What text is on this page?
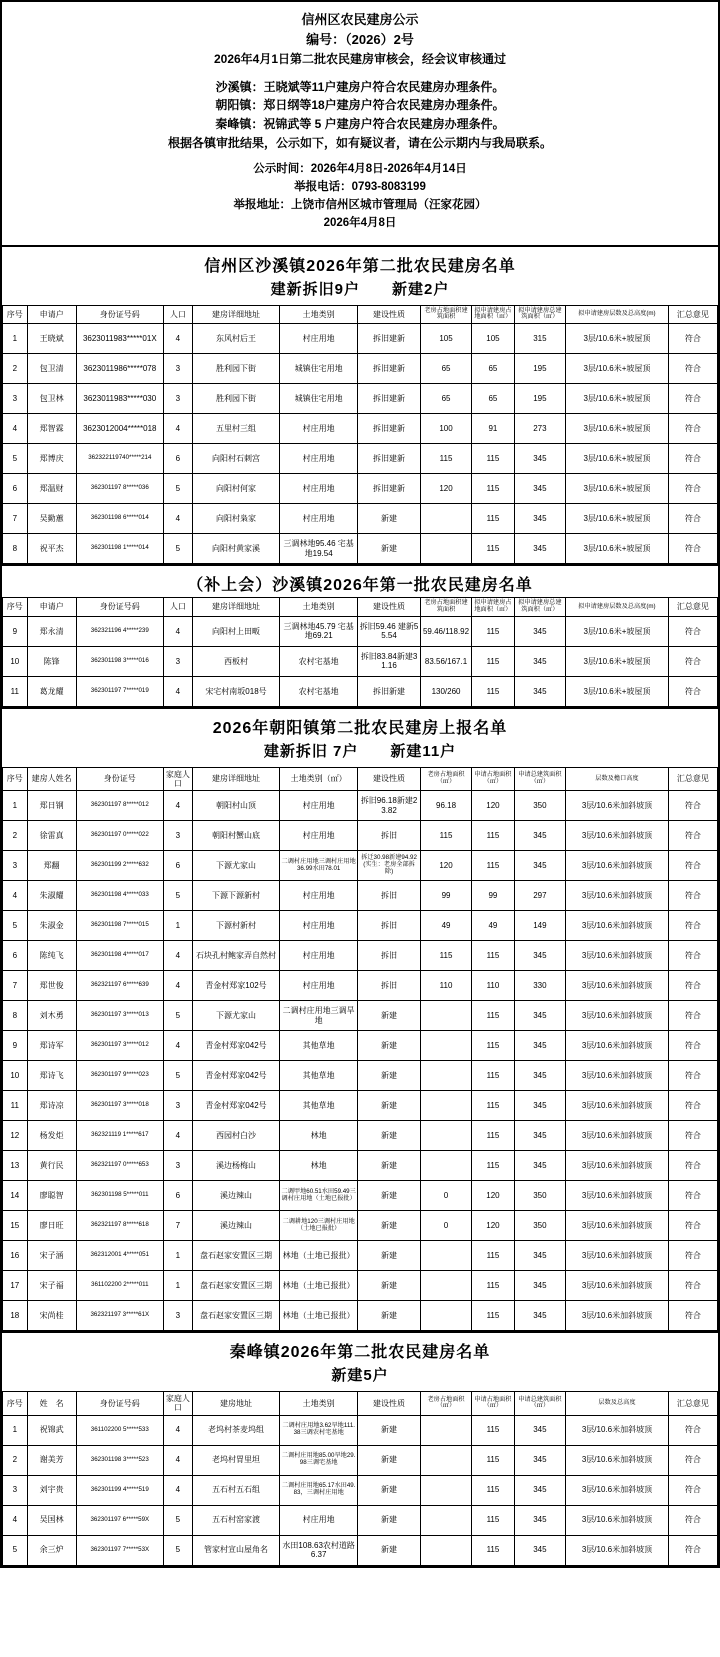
信州区农民建房公示
编号：（2026）2号
2026年4月1日第二批农民建房审核会，经会议审核通过
沙溪镇：王晓斌等11户建房户符合农民建房办理条件。
朝阳镇：郑日纲等18户建房户符合农民建房办理条件。
秦峰镇：祝锦武等 5 户建房户符合农民建房办理条件。
根据各镇审批结果，公示如下，如有疑议者，请在公示期内与我局联系。
公示时间：2026年4月8日-2026年4月14日
举报电话：0793-8083199
举报地址：上饶市信州区城市管理局（汪家花园）
2026年4月8日
信州区沙溪镇2026年第二批农民建房名单
建新拆旧9户　　新建2户
序号	申请户	身份证号码	人口	建房详细地址	土地类别	建设性质	老房占地面积建筑面积	拟申请建房占地面积（㎡）	拟申请建房总建筑面积（㎡）	拟申请建房层数及总高度(m)	汇总意见
1	王晓斌	3623011983*****01X	4	东风村后王	村庄用地	拆旧建新	105	105	315	3层/10.6米+坡屋顶	符合
2	包卫清	3623011986*****078	3	胜利园下街	城镇住宅用地	拆旧建新	65	65	195	3层/10.6米+坡屋顶	符合
3	包卫林	3623011983*****030	3	胜利园下街	城镇住宅用地	拆旧建新	65	65	195	3层/10.6米+坡屋顶	符合
4	郑智霖	3623012004*****018	4	五里村三组	村庄用地	拆旧建新	100	91	273	3层/10.6米+坡屋顶	符合
5	郑博庆	362322119740*****214	6	向阳村石刺宫	村庄用地	拆旧建新	115	115	345	3层/10.6米+坡屋顶	符合
6	郑温财	362301197 8*****036	5	向阳村何家	村庄用地	拆旧建新	120	115	345	3层/10.6米+坡屋顶	符合
7	吴勤蕙	362301198 6*****014	4	向阳村枭家	村庄用地	新建		115	345	3层/10.6米+坡屋顶	符合
8	祝平杰	362301198 1*****014	5	向阳村黄家溪	三调林地95.46 宅基地19.54	新建		115	345	3层/10.6米+坡屋顶	符合
（补上会）沙溪镇2026年第一批农民建房名单
序号	申请户	身份证号码	人口	建房详细地址	土地类别	建设性质	老房占地面积建筑面积	拟申请建房占地面积（㎡）	拟申请建房总建筑面积（㎡）	拟申请建房层数及总高度(m)	汇总意见
9	郑永清	362321196 4*****239	4	向阳村上田畈	三调林地45.79 宅基地69.21	拆旧59.46 建新55.54	59.46/118.92	115	345	3层/10.6米+坡屋顶	符合
10	陈锋	362301198 3*****016	3	西板村	农村宅基地	拆旧83.84新建31.16	83.56/167.1	115	345	3层/10.6米+坡屋顶	符合
11	葛龙耀	362301197 7*****019	4	宋宅村南坂018号	农村宅基地	拆旧新建	130/260	115	345	3层/10.6米+坡屋顶	符合
2026年朝阳镇第二批农民建房上报名单
建新拆旧 7户　　新建11户
序号	建房人姓名	身份证号	家庭人口	建房详细地址	土地类别（㎡）	建设性质	老房占地面积（㎡）	申请占地面积（㎡）	申请总建筑面积（㎡）	层数及檐口高度	汇总意见
1	郑日钢	362301197 8*****012	4	朝阳村山顶	村庄用地	拆旧96.18新建23.82	96.18	120	350	3层/10.6米加斜坡顶	符合
2	徐雷真	362301197 0*****022	3	朝阳村蟹山底	村庄用地	拆旧	115	115	345	3层/10.6米加斜坡顶	符合
3	郑翻	362301199 2*****632	6	下源尤家山	二调村庄用地三调村庄用地36.99水田78.01	拆迁30.98新建94.92(实生：老房全部拆除)	120	115	345	3层/10.6米加斜坡顶	符合
4	朱淑耀	362301198 4*****033	5	下源下源新村	村庄用地	拆旧	99	99	297	3层/10.6米加斜坡顶	符合
5	朱淑金	362301198 7*****015	1	下源村新村	村庄用地	拆旧	49	49	149	3层/10.6米加斜坡顶	符合
6	陈纯飞	362301198 4*****017	4	石块孔村鲍家弄自然村	村庄用地	拆旧	115	115	345	3层/10.6米加斜坡顶	符合
7	郑世俊	362321197 6*****639	4	青金村郑家102号	村庄用地	拆旧	110	110	330	3层/10.6米加斜坡顶	符合
8	刘木勇	362301197 3*****013	5	下源尤家山	二调村庄用地三调旱地	新建		115	345	3层/10.6米加斜坡顶	符合
9	郑诗军	362301197 3*****012	4	青金村郑家042号	其他草地	新建		115	345	3层/10.6米加斜坡顶	符合
10	郑诗飞	362301197 9*****023	5	青金村郑家042号	其他草地	新建		115	345	3层/10.6米加斜坡顶	符合
11	郑诗凉	362301197 3*****018	3	青金村郑家042号	其他草地	新建		115	345	3层/10.6米加斜坡顶	符合
12	杨发炬	362321119 1*****617	4	西园村白沙	林地	新建		115	345	3层/10.6米加斜坡顶	符合
13	黄行民	362321197 0*****653	3	溪边杨梅山	林地	新建		115	345	3层/10.6米加斜坡顶	符合
14	廖聪智	362301198 5*****011	6	溪边辣山	二调甲地60.51水田59.49三调村庄用地（土地已报批）	新建	0	120	350	3层/10.6米加斜坡顶	符合
15	廖日旺	362321197 8*****618	7	溪边辣山	二调耕地120三调村庄用地（土地已报批）	新建	0	120	350	3层/10.6米加斜坡顶	符合
16	宋子涵	362312001 4*****051	1	盘石赵家安置区三期	林地（土地已报批）	新建		115	345	3层/10.6米加斜坡顶	符合
17	宋子福	361102200 2*****011	1	盘石赵家安置区三期	林地（土地已报批）	新建		115	345	3层/10.6米加斜坡顶	符合
18	宋尚桂	362321197 3*****61X	3	盘石赵家安置区三期	林地（土地已报批）	新建		115	345	3层/10.6米加斜坡顶	符合
秦峰镇2026年第二批农民建房名单
新建5户
序号	姓　名	身份证号码	家庭人口	建房地址	土地类别	建设性质	老房占地面积（㎡）	申请占地面积（㎡）	申请总建筑面积（㎡）	层数及总高度	汇总意见
1	祝锦武	361102200 5*****533	4	老坞村茶麦坞组	二调村庄用地3.62旱地111.38三调农村宅基地	新建		115	345	3层/10.6米加斜坡顶	符合
2	谢美芳	362301198 3*****523	4	老坞村胃里坦	二调村庄用地85.00旱地29.98三调宅基地	新建		115	345	3层/10.6米加斜坡顶	符合
3	刘宇贵	362301199 4*****519	4	五石村五石组	二调村庄用地65.17水田49.83，三调村庄用地	新建		115	345	3层/10.6米加斜坡顶	符合
4	吴国林	362301197 6*****59X	5	五石村窑家渡	村庄用地	新建		115	345	3层/10.6米加斜坡顶	符合
5	余三炉	362301197 7*****53X	5	管家村宣山屋角名	水田108.63农村道路6.37	新建		115	345	3层/10.6米加斜坡顶	符合
